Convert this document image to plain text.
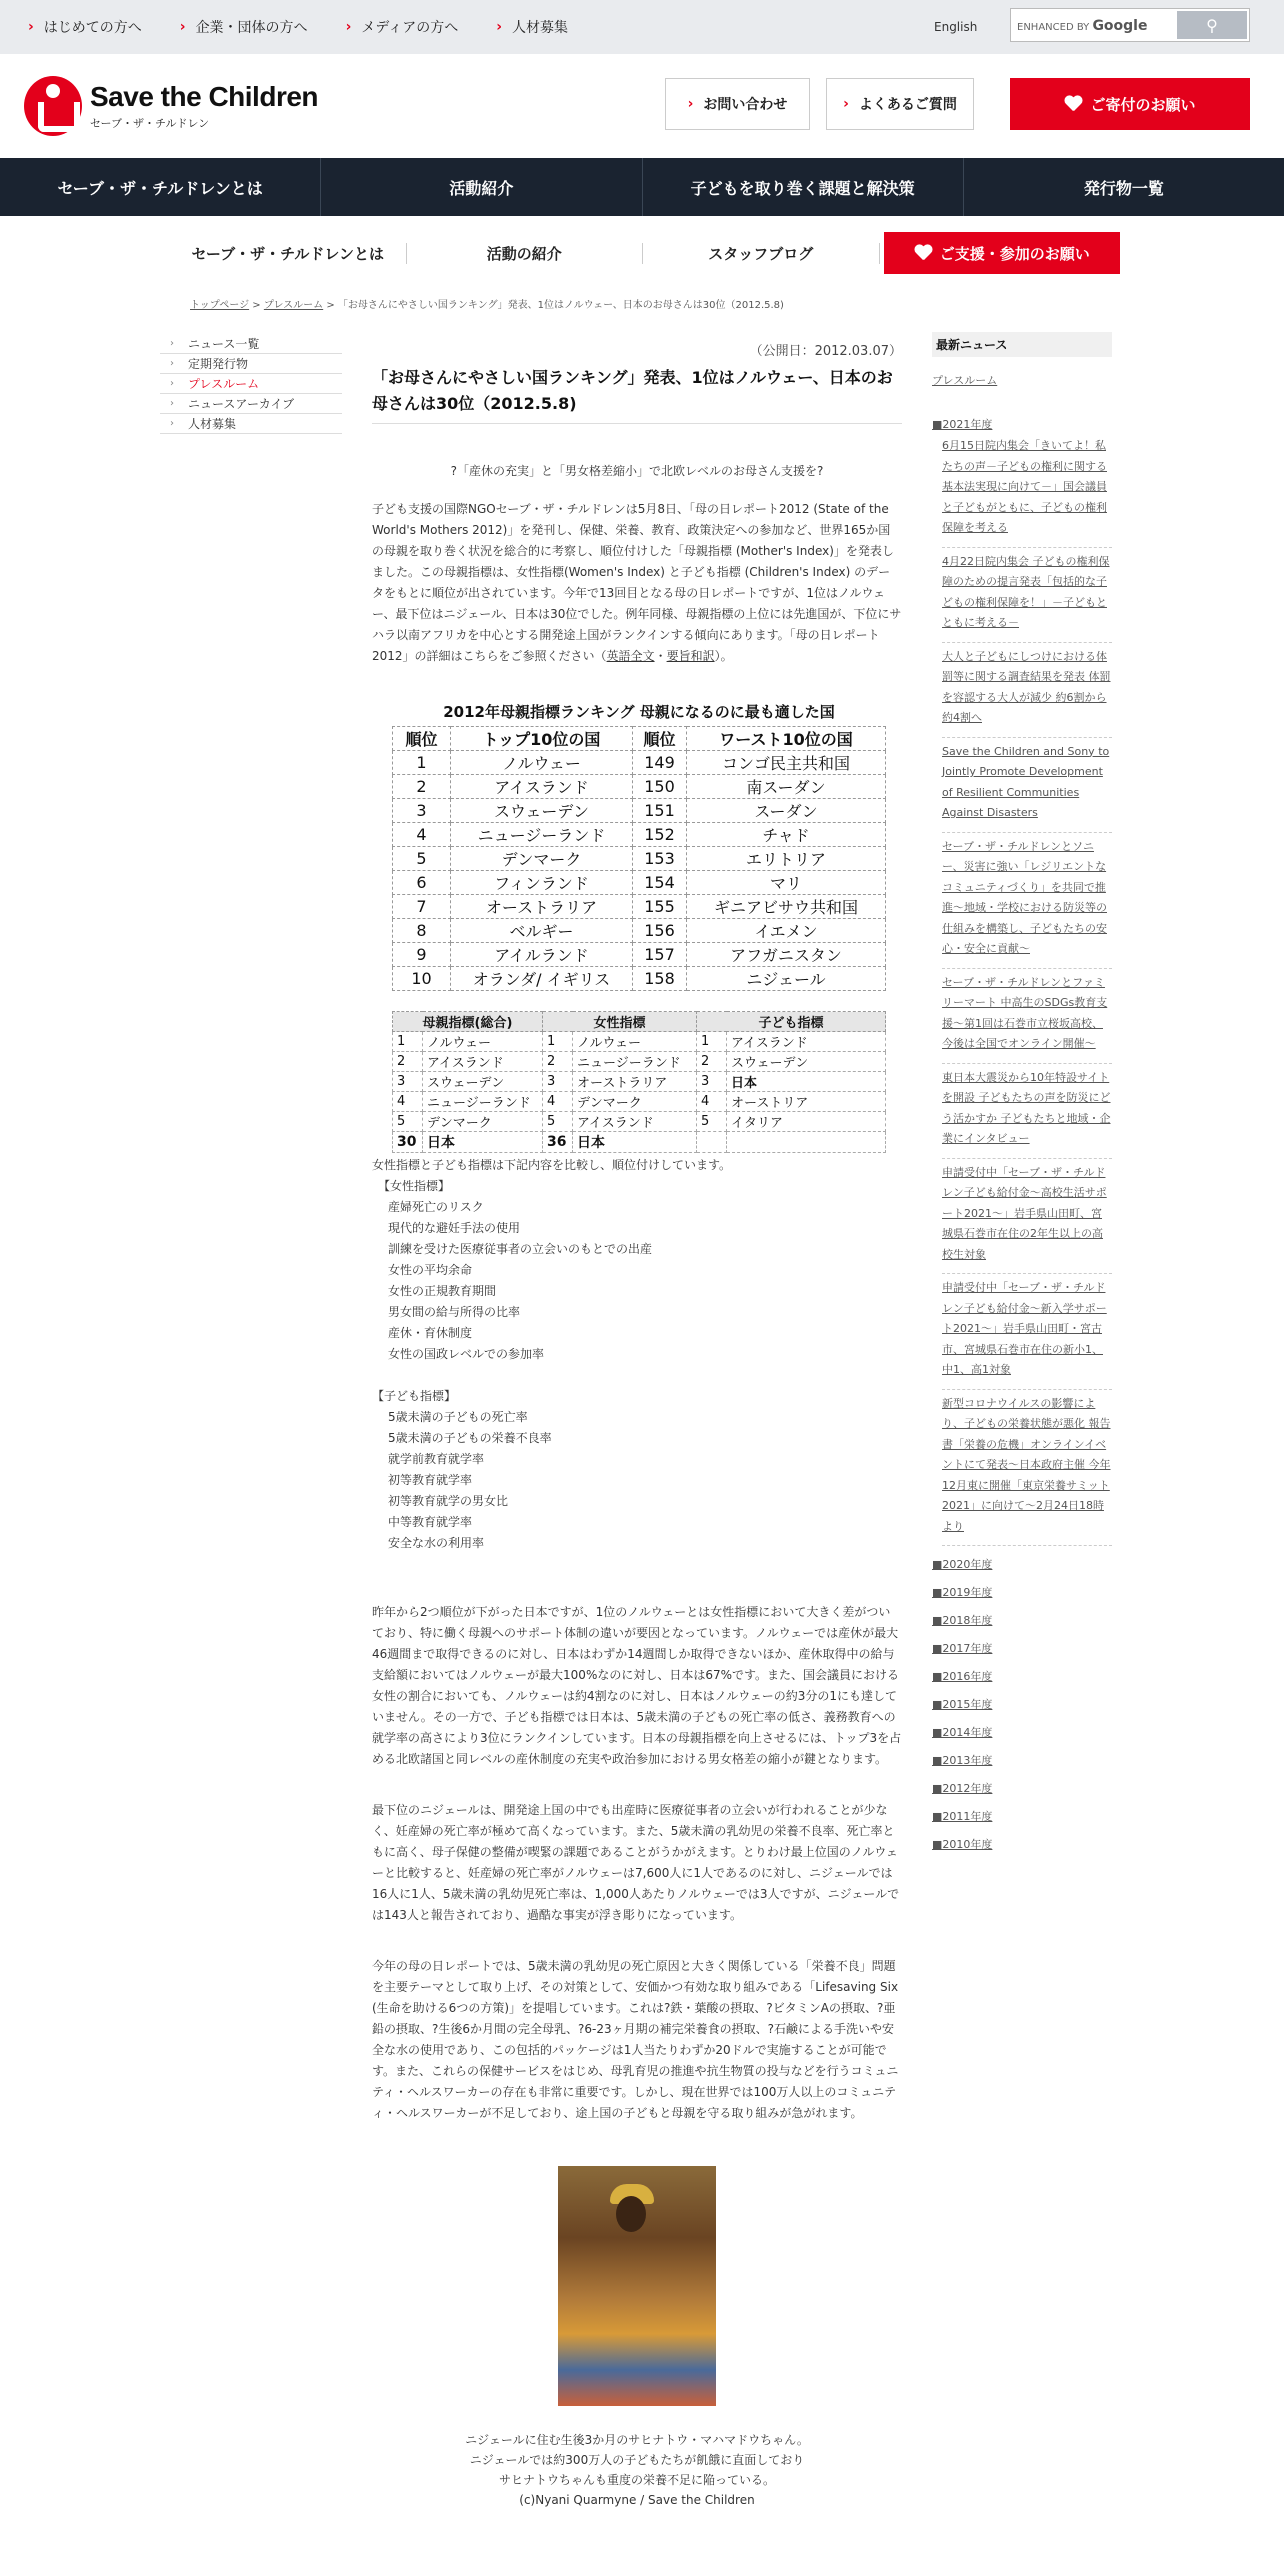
› はじめての方へ	› 企業・団体の方へ	› メディアの方へ	› 人材募集	English	ENHANCED BY Google	⚲
Save the Children
セーブ・ザ・チルドレン
› お問い合わせ	› よくあるご質問	ご寄付のお願い
セーブ・ザ・チルドレンとは	活動紹介	子どもを取り巻く課題と解決策	発行物一覧
セーブ・ザ・チルドレンとは	活動の紹介	スタッフブログ	ご支援・参加のお願い
トップページ > プレスルーム > 「お母さんにやさしい国ランキング」発表、1位はノルウェー、日本のお母さんは30位（2012.5.8)
› ニュース一覧
› 定期発行物
› プレスルーム
› ニュースアーカイブ
› 人材募集
（公開日：2012.03.07）
「お母さんにやさしい国ランキング」発表、1位はノルウェー、日本のお母さんは30位（2012.5.8)
?「産休の充実」と「男女格差縮小」で北欧レベルのお母さん支援を?

子ども支援の国際NGOセーブ・ザ・チルドレンは5月8日、「母の日レポート2012 (State of the World's Mothers 2012)」を発刊し、保健、栄養、教育、政策決定への参加など、世界165か国の母親を取り巻く状況を総合的に考察し、順位付けした「母親指標 (Mother's Index)」を発表しました。この母親指標は、女性指標(Women's Index) と子ども指標 (Children's Index) のデータをもとに順位が出されています。今年で13回目となる母の日レポートですが、1位はノルウェー、最下位はニジェール、日本は30位でした。例年同様、母親指標の上位には先進国が、下位にサハラ以南アフリカを中心とする開発途上国がランクインする傾向にあります。「母の日レポート2012」の詳細はこちらをご参照ください（英語全文・要旨和訳）。

2012年母親指標ランキング 母親になるのに最も適した国
順位	トップ10位の国	順位	ワースト10位の国
1	ノルウェー	149	コンゴ民主共和国
2	アイスランド	150	南スーダン
3	スウェーデン	151	スーダン
4	ニュージーランド	152	チャド
5	デンマーク	153	エリトリア
6	フィンランド	154	マリ
7	オーストラリア	155	ギニアビサウ共和国
8	ベルギー	156	イエメン
9	アイルランド	157	アフガニスタン
10	オランダ/ イギリス	158	ニジェール
母親指標(総合)		女性指標		子ども指標	
1	ノルウェー	1	ノルウェー	1	アイスランド
2	アイスランド	2	ニュージーランド	2	スウェーデン
3	スウェーデン	3	オーストラリア	3	日本
4	ニュージーランド	4	デンマーク	4	オーストリア
5	デンマーク	5	アイスランド	5	イタリア
30	日本	36	日本		
女性指標と子ども指標は下記内容を比較し、順位付けしています。
【女性指標】
産婦死亡のリスク
現代的な避妊手法の使用
訓練を受けた医療従事者の立会いのもとでの出産
女性の平均余命
女性の正規教育期間
男女間の給与所得の比率
産休・育休制度
女性の国政レベルでの参加率
【子ども指標】
5歳未満の子どもの死亡率
5歳未満の子どもの栄養不良率
就学前教育就学率
初等教育就学率
初等教育就学の男女比
中等教育就学率
安全な水の利用率

昨年から2つ順位が下がった日本ですが、1位のノルウェーとは女性指標において大きく差がついており、特に働く母親へのサポート体制の違いが要因となっています。ノルウェーでは産休が最大46週間まで取得できるのに対し、日本はわずか14週間しか取得できないほか、産休取得中の給与支給額においてはノルウェーが最大100%なのに対し、日本は67%です。また、国会議員における女性の割合においても、ノルウェーは約4割なのに対し、日本はノルウェーの約3分の1にも達していません。その一方で、子ども指標では日本は、5歳未満の子どもの死亡率の低さ、義務教育への就学率の高さにより3位にランクインしています。日本の母親指標を向上させるには、トップ3を占める北欧諸国と同レベルの産休制度の充実や政治参加における男女格差の縮小が鍵となります。

最下位のニジェールは、開発途上国の中でも出産時に医療従事者の立会いが行われることが少なく、妊産婦の死亡率が極めて高くなっています。また、5歳未満の乳幼児の栄養不良率、死亡率ともに高く、母子保健の整備が喫緊の課題であることがうかがえます。とりわけ最上位国のノルウェーと比較すると、妊産婦の死亡率がノルウェーは7,600人に1人であるのに対し、ニジェールでは16人に1人、5歳未満の乳幼児死亡率は、1,000人あたりノルウェーでは3人ですが、ニジェールでは143人と報告されており、過酷な事実が浮き彫りになっています。

今年の母の日レポートでは、5歳未満の乳幼児の死亡原因と大きく関係している「栄養不良」問題を主要テーマとして取り上げ、その対策として、安価かつ有効な取り組みである「Lifesaving Six (生命を助ける6つの方策)」を提唱しています。これは?鉄・葉酸の摂取、?ビタミンAの摂取、?亜鉛の摂取、?生後6か月間の完全母乳、?6-23ヶ月期の補完栄養食の摂取、?石鹸による手洗いや安全な水の使用であり、この包括的パッケージは1人当たりわずか20ドルで実施することが可能です。また、これらの保健サービスをはじめ、母乳育児の推進や抗生物質の投与などを行うコミュニティ・ヘルスワーカーの存在も非常に重要です。しかし、現在世界では100万人以上のコミュニティ・ヘルスワーカーが不足しており、途上国の子どもと母親を守る取り組みが急がれます。

ニジェールに住む生後3か月のサヒナトウ・マハマドウちゃん。
ニジェールでは約300万人の子どもたちが飢餓に直面しており
サヒナトウちゃんも重度の栄養不足に陥っている。
(c)Nyani Quarmyne / Save the Children
最新ニュース
プレスルーム
■2021年度
6月15日院内集会「きいてよ！私たちの声－子どもの権利に関する基本法実現に向けて－」国会議員と子どもがともに、子どもの権利保障を考える
4月22日院内集会 子どもの権利保障のための提言発表「包括的な子どもの権利保障を！」－子どもとともに考える－
大人と子どもにしつけにおける体罰等に関する調査結果を発表 体罰を容認する大人が減少 約6割から約4割へ
Save the Children and Sony to Jointly Promote Development of Resilient Communities Against Disasters
セーブ・ザ・チルドレンとソニー、災害に強い「レジリエントなコミュニティづくり」を共同で推進～地域・学校における防災等の仕組みを構築し、子どもたちの安心・安全に貢献～
セーブ・ザ・チルドレンとファミリーマート 中高生のSDGs教育支援～第1回は石巻市立桜坂高校、今後は全国でオンライン開催～
東日本大震災から10年特設サイトを開設 子どもたちの声を防災にどう活かすか 子どもたちと地域・企業にインタビュー
申請受付中「セーブ・ザ・チルドレン子ども給付金～高校生活サポート2021～」岩手県山田町、宮城県石巻市在住の2年生以上の高校生対象
申請受付中「セーブ・ザ・チルドレン子ども給付金～新入学サポート2021～」岩手県山田町・宮古市、宮城県石巻市在住の新小1、中1、高1対象
新型コロナウイルスの影響により、子どもの栄養状態が悪化 報告書「栄養の危機」オンラインイベントにて発表～日本政府主催 今年12月東に開催「東京栄養サミット2021」に向けて～2月24日18時より
■2020年度
■2019年度
■2018年度
■2017年度
■2016年度
■2015年度
■2014年度
■2013年度
■2012年度
■2011年度
■2010年度
